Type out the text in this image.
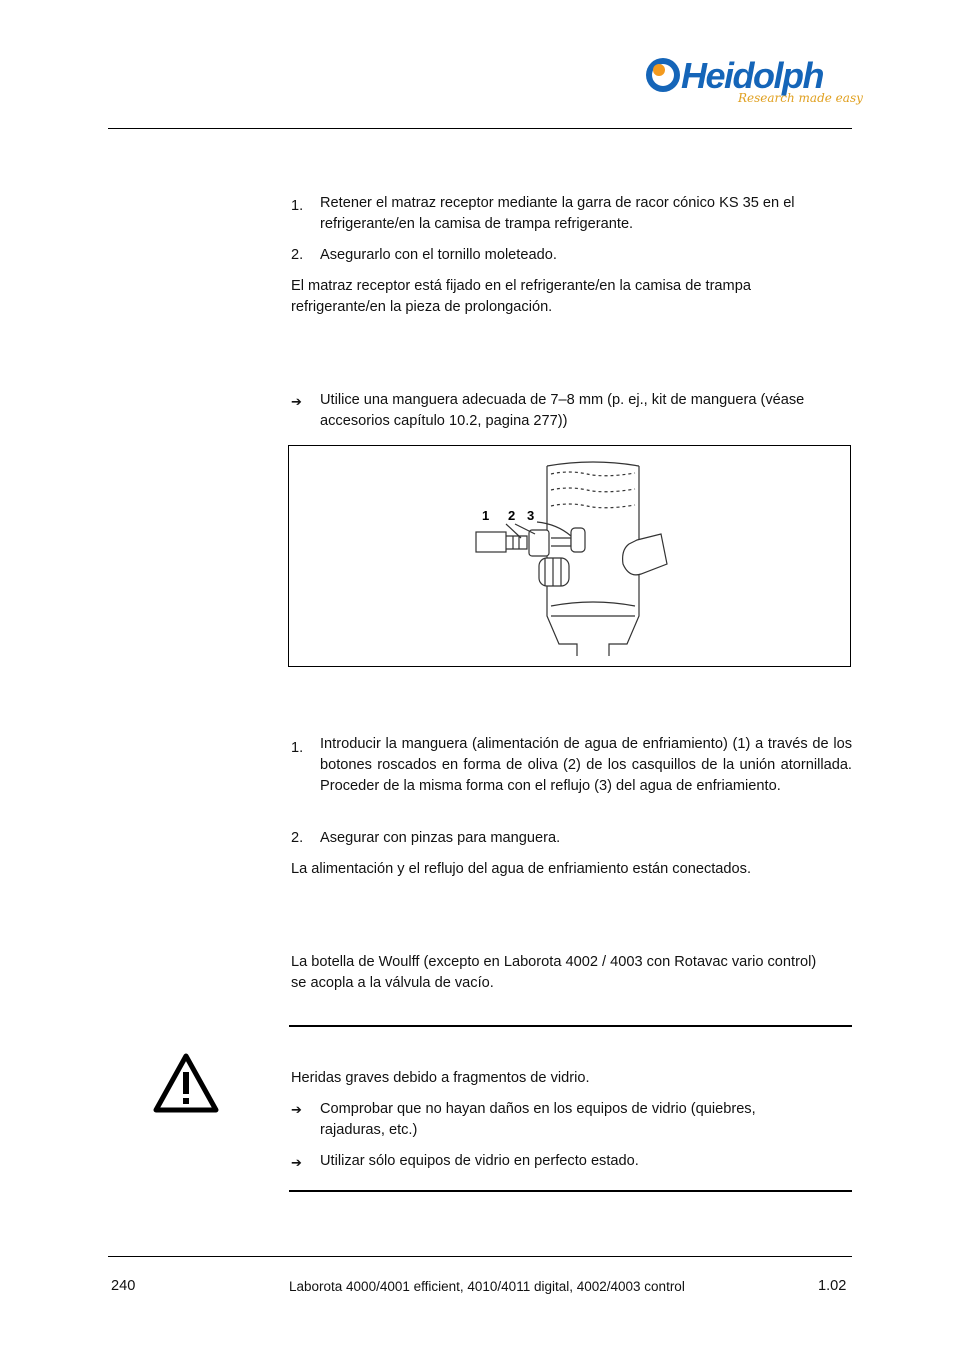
Heidolph
Research made easy
1. Retener el matraz receptor mediante la garra de racor cónico KS 35 en el refrigerante/en la camisa de trampa refrigerante.
2. Asegurarlo con el tornillo moleteado.
El matraz receptor está fijado en el refrigerante/en la camisa de trampa refrigerante/en la pieza de prolongación.
➔ Utilice una manguera adecuada de 7–8 mm (p. ej., kit de manguera (véase accesorios capítulo 10.2, pagina 277))
1 2 3
1. Introducir la manguera (alimentación de agua de enfriamiento) (1) a través de los botones roscados en forma de oliva (2) de los casquillos de la unión atornillada. Proceder de la misma forma con el reflujo (3) del agua de enfriamiento.
2. Asegurar con pinzas para manguera.
La alimentación y el reflujo del agua de enfriamiento están conectados.
La botella de Woulff (excepto en Laborota 4002 / 4003 con Rotavac vario control) se acopla a la válvula de vacío.
Heridas graves debido a fragmentos de vidrio.
➔ Comprobar que no hayan daños en los equipos de vidrio (quiebres, rajaduras, etc.)
➔ Utilizar sólo equipos de vidrio en perfecto estado.
240	Laborota 4000/4001 efficient, 4010/4011 digital, 4002/4003 control	1.02
